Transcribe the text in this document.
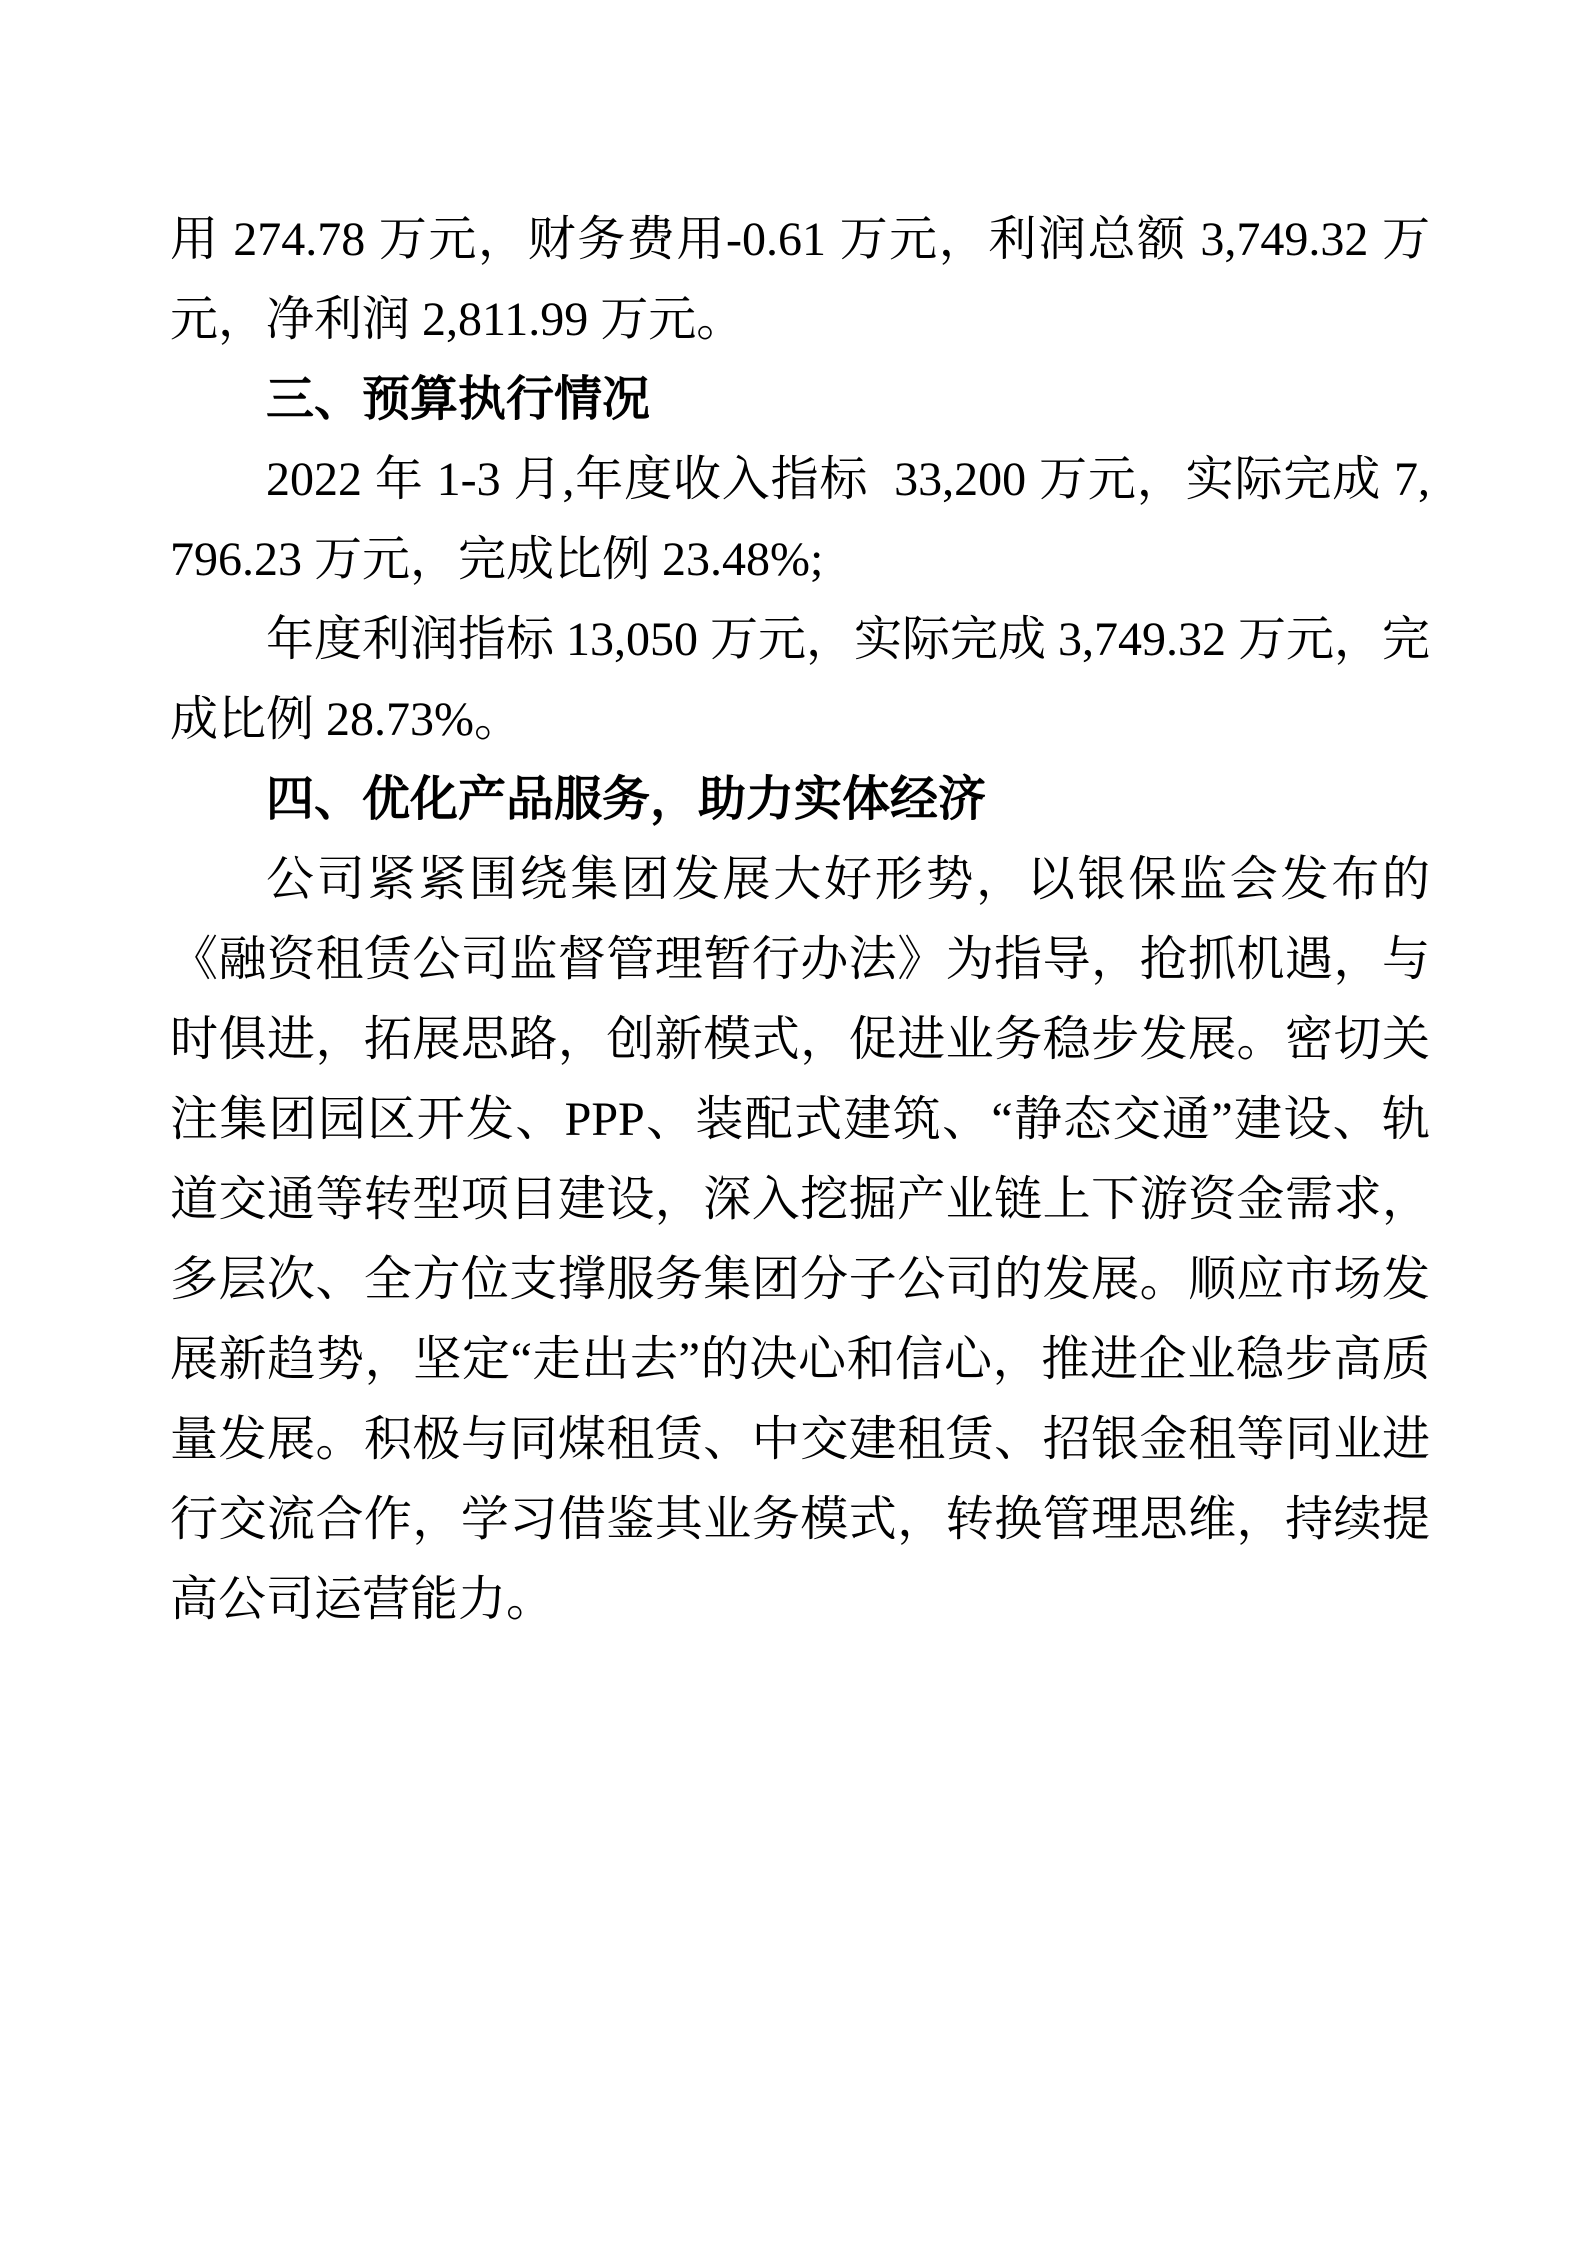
用 274.78 万元，财务费用-0.61 万元，利润总额 3,749.32 万元，净利润 2,811.99 万元。
三、预算执行情况
2022 年 1-3 月,年度收入指标  33,200 万元，实际完成 7,796.23 万元，完成比例 23.48%;
年度利润指标 13,050 万元，实际完成 3,749.32 万元，完成比例 28.73%。
四、优化产品服务，助力实体经济
公司紧紧围绕集团发展大好形势，以银保监会发布的《融资租赁公司监督管理暂行办法》为指导，抢抓机遇，与时俱进，拓展思路，创新模式，促进业务稳步发展。密切关注集团园区开发、PPP、装配式建筑、“静态交通”建设、轨道交通等转型项目建设，深入挖掘产业链上下游资金需求，多层次、全方位支撑服务集团分子公司的发展。顺应市场发展新趋势，坚定“走出去”的决心和信心，推进企业稳步高质量发展。积极与同煤租赁、中交建租赁、招银金租等同业进行交流合作，学习借鉴其业务模式，转换管理思维，持续提高公司运营能力。
